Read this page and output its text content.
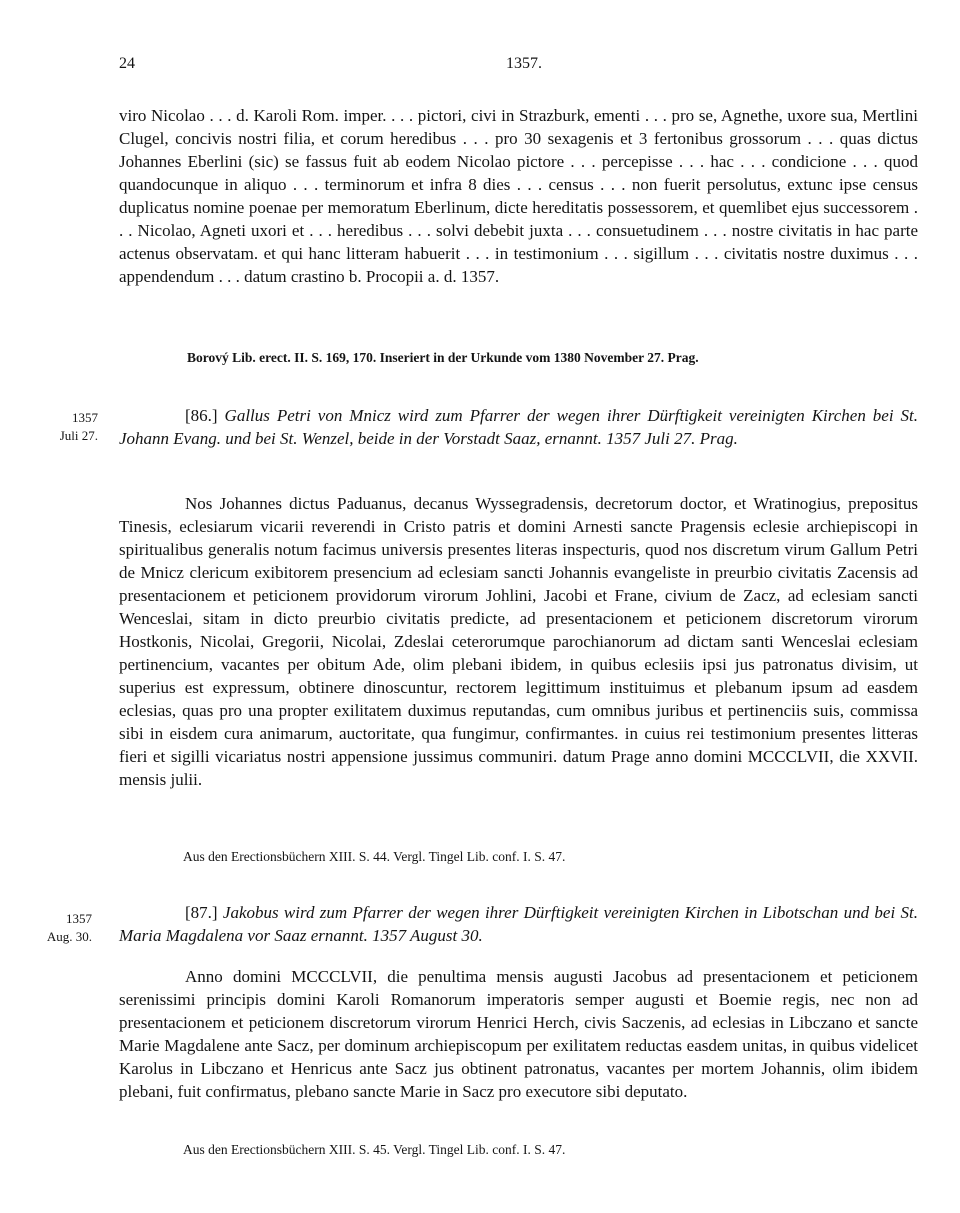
24	1357.

viro Nicolao . . . d. Karoli Rom. imper. . . . pictori, civi in Strazburk, ementi . . . pro se, Agnethe, uxore sua, Mertlini Clugel, concivis nostri filia, et corum heredibus . . . pro 30 sexagenis et 3 fertonibus grossorum . . . quas dictus Johannes Eberlini (sic) se fassus fuit ab eodem Nicolao pictore . . . percepisse . . . hac . . . condicione . . . quod quandocunque in aliquo . . . terminorum et infra 8 dies . . . census . . . non fuerit persolutus, extunc ipse census duplicatus nomine poenae per memoratum Eberlinum, dicte hereditatis possessorem, et quemlibet ejus successorem . . . Nicolao, Agneti uxori et . . . heredibus . . . solvi debebit juxta . . . consuetudinem . . . nostre civitatis in hac parte actenus observatam. et qui hanc litteram habuerit . . . in testimonium . . . sigillum . . . civitatis nostre duximus . . . appendendum . . . datum crastino b. Procopii a. d. 1357.

Borový Lib. erect. II. S. 169, 170. Inseriert in der Urkunde vom 1380 November 27. Prag.

1357
Juli 27.

[86.] Gallus Petri von Mnicz wird zum Pfarrer der wegen ihrer Dürftigkeit vereinigten Kirchen bei St. Johann Evang. und bei St. Wenzel, beide in der Vorstadt Saaz, ernannt. 1357 Juli 27. Prag.

Nos Johannes dictus Paduanus, decanus Wyssegradensis, decretorum doctor, et Wratinogius, prepositus Tinesis, eclesiarum vicarii reverendi in Cristo patris et domini Arnesti sancte Pragensis eclesie archiepiscopi in spiritualibus generalis notum facimus universis presentes literas inspecturis, quod nos discretum virum Gallum Petri de Mnicz clericum exibitorem presencium ad eclesiam sancti Johannis evangeliste in preurbio civitatis Zacensis ad presentacionem et peticionem providorum virorum Johlini, Jacobi et Frane, civium de Zacz, ad eclesiam sancti Wenceslai, sitam in dicto preurbio civitatis predicte, ad presentacionem et peticionem discretorum virorum Hostkonis, Nicolai, Gregorii, Nicolai, Zdeslai ceterorumque parochianorum ad dictam santi Wenceslai eclesiam pertinencium, vacantes per obitum Ade, olim plebani ibidem, in quibus eclesiis ipsi jus patronatus divisim, ut superius est expressum, obtinere dinoscuntur, rectorem legittimum instituimus et plebanum ipsum ad easdem eclesias, quas pro una propter exilitatem duximus reputandas, cum omnibus juribus et pertinenciis suis, commissa sibi in eisdem cura animarum, auctoritate, qua fungimur, confirmantes. in cuius rei testimonium presentes litteras fieri et sigilli vicariatus nostri appensione jussimus communiri. datum Prage anno domini MCCCLVII, die XXVII. mensis julii.

Aus den Erectionsbüchern XIII. S. 44. Vergl. Tingel Lib. conf. I. S. 47.

1357
Aug. 30.

[87.] Jakobus wird zum Pfarrer der wegen ihrer Dürftigkeit vereinigten Kirchen in Libotschan und bei St. Maria Magdalena vor Saaz ernannt. 1357 August 30.

Anno domini MCCCLVII, die penultima mensis augusti Jacobus ad presentacionem et peticionem serenissimi principis domini Karoli Romanorum imperatoris semper augusti et Boemie regis, nec non ad presentacionem et peticionem discretorum virorum Henrici Herch, civis Saczenis, ad eclesias in Libczano et sancte Marie Magdalene ante Sacz, per dominum archiepiscopum per exilitatem reductas easdem unitas, in quibus videlicet Karolus in Libczano et Henricus ante Sacz jus obtinent patronatus, vacantes per mortem Johannis, olim ibidem plebani, fuit confirmatus, plebano sancte Marie in Sacz pro executore sibi deputato.

Aus den Erectionsbüchern XIII. S. 45. Vergl. Tingel Lib. conf. I. S. 47.
